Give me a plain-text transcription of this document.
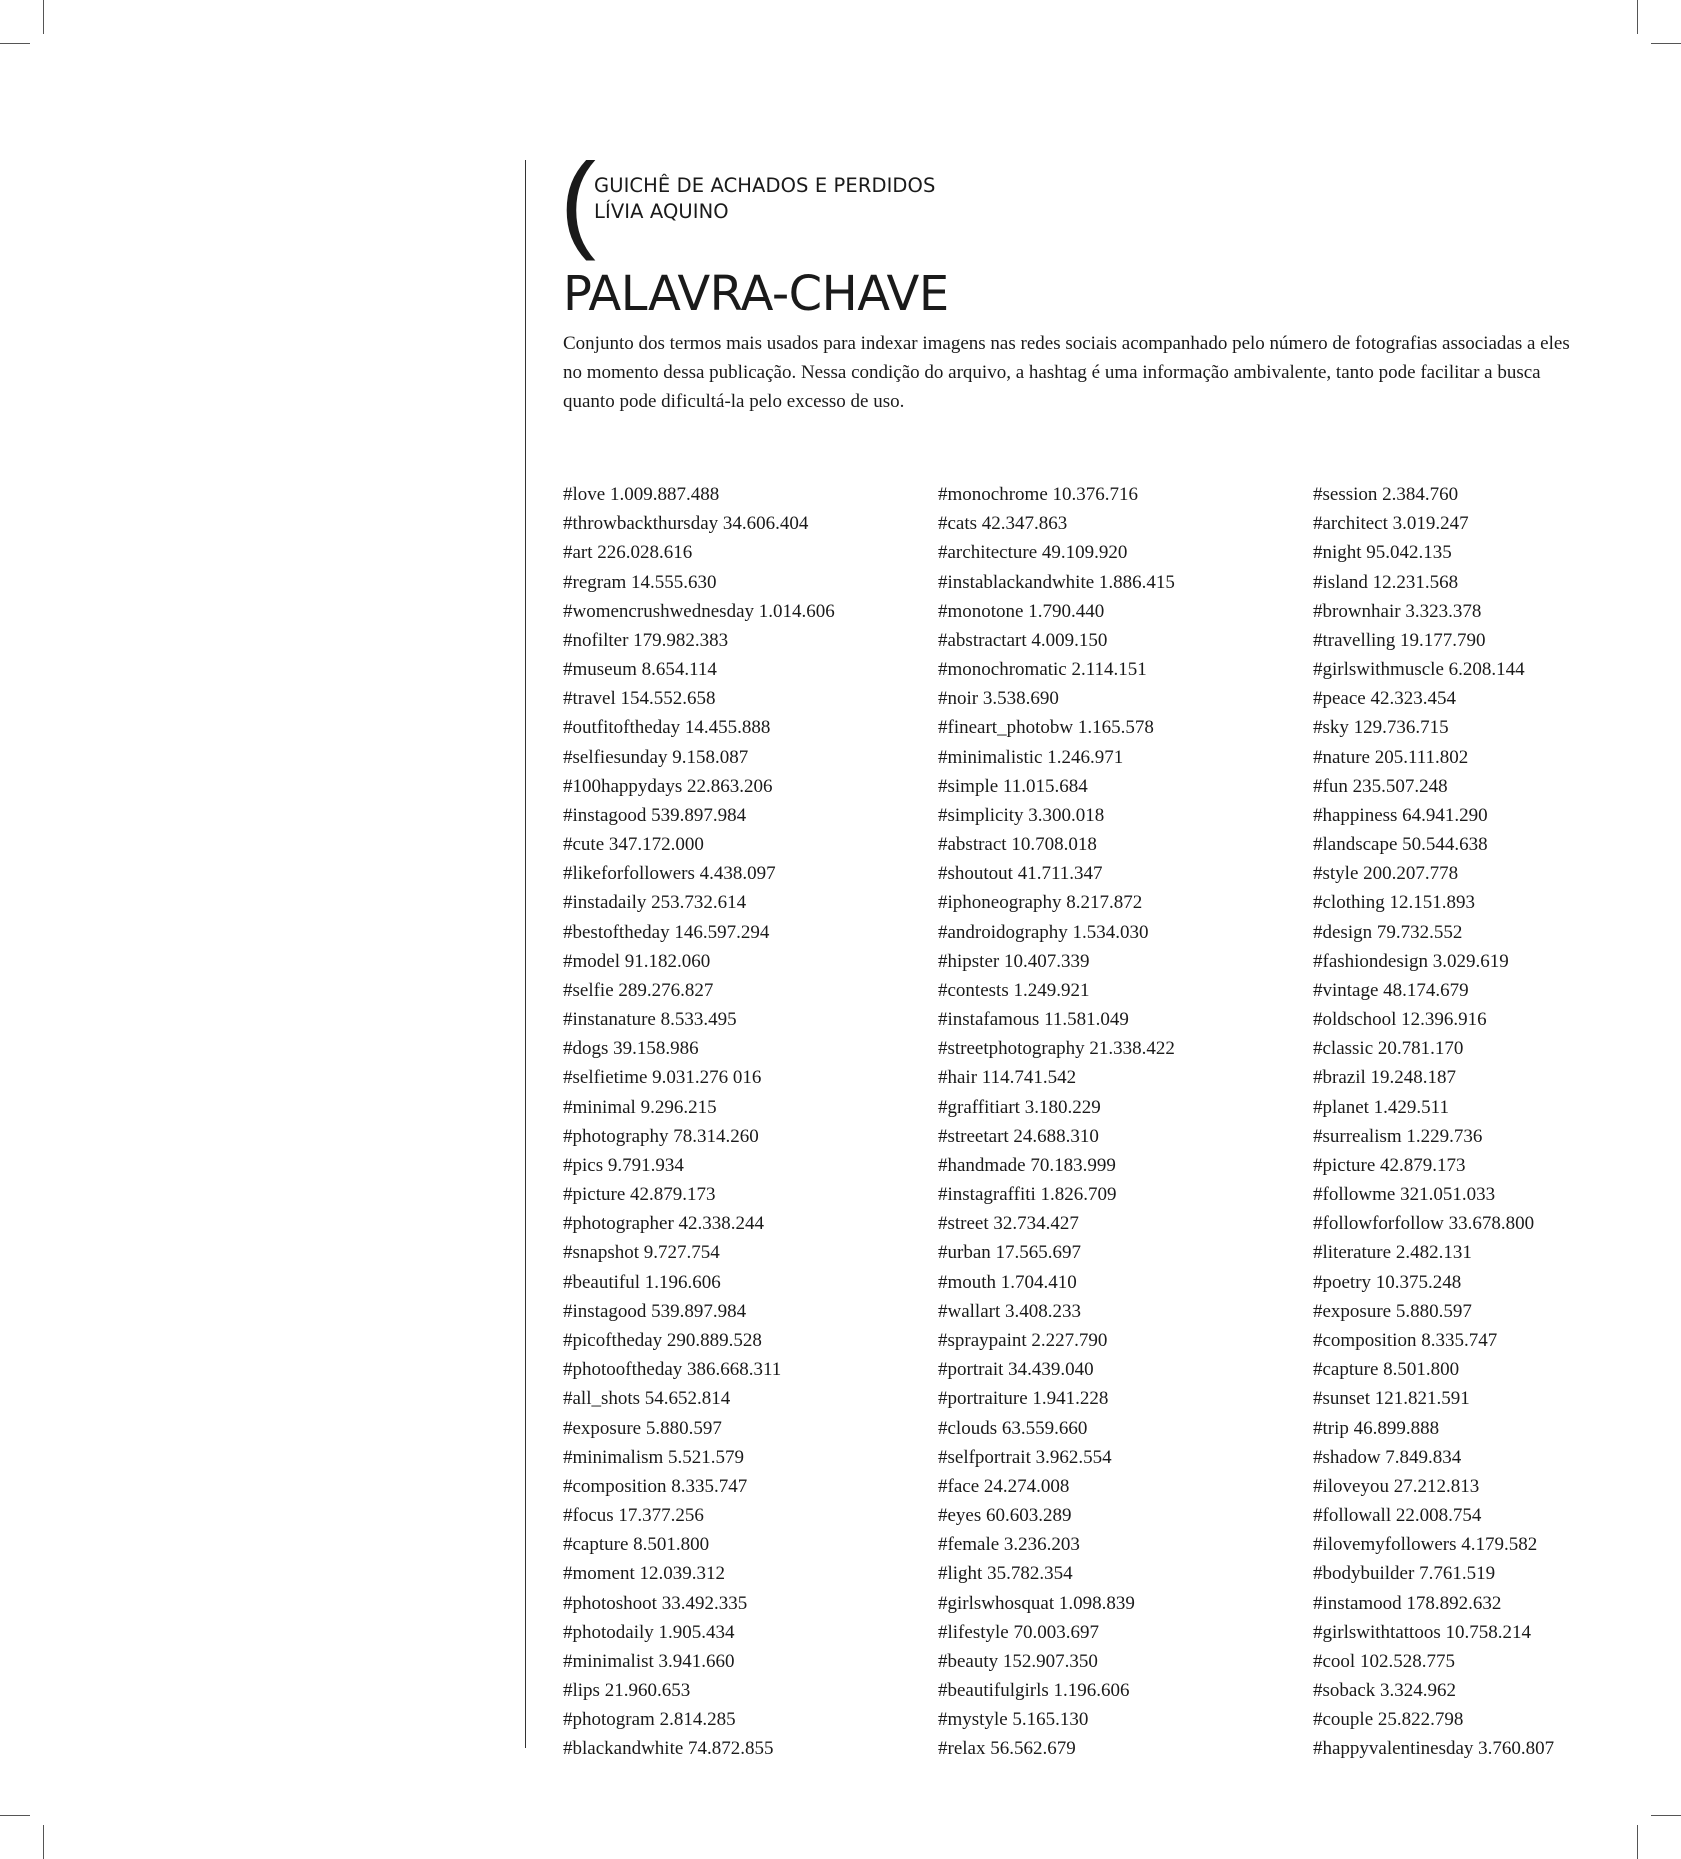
(
GUICHÊ DE ACHADOS E PERDIDOS
LÍVIA AQUINO
PALAVRA-CHAVE

Conjunto dos termos mais usados para indexar imagens nas redes sociais acompanhado pelo número de fotografias associadas a eles no momento dessa publicação. Nessa condição do arquivo, a hashtag é uma informação ambivalente, tanto pode facilitar a busca quanto pode dificultá-la pelo excesso de uso.

#love 1.009.887.488
#throwbackthursday 34.606.404
#art 226.028.616
#regram 14.555.630
#womencrushwednesday 1.014.606
#nofilter 179.982.383
#museum 8.654.114
#travel 154.552.658
#outfitoftheday 14.455.888
#selfiesunday 9.158.087
#100happydays 22.863.206
#instagood 539.897.984
#cute 347.172.000
#likeforfollowers 4.438.097
#instadaily 253.732.614
#bestoftheday 146.597.294
#model 91.182.060
#selfie 289.276.827
#instanature 8.533.495
#dogs 39.158.986
#selfietime 9.031.276 016
#minimal 9.296.215
#photography 78.314.260
#pics 9.791.934
#picture 42.879.173
#photographer 42.338.244
#snapshot 9.727.754
#beautiful 1.196.606
#instagood 539.897.984
#picoftheday 290.889.528
#photooftheday 386.668.311
#all_shots 54.652.814
#exposure 5.880.597
#minimalism 5.521.579
#composition 8.335.747
#focus 17.377.256
#capture 8.501.800
#moment 12.039.312
#photoshoot 33.492.335
#photodaily 1.905.434
#minimalist 3.941.660
#lips 21.960.653
#photogram 2.814.285
#blackandwhite 74.872.855
#monochrome 10.376.716
#cats 42.347.863
#architecture 49.109.920
#instablackandwhite 1.886.415
#monotone 1.790.440
#abstractart 4.009.150
#monochromatic 2.114.151
#noir 3.538.690
#fineart_photobw 1.165.578
#minimalistic 1.246.971
#simple 11.015.684
#simplicity 3.300.018
#abstract 10.708.018
#shoutout 41.711.347
#iphoneography 8.217.872
#androidography 1.534.030
#hipster 10.407.339
#contests 1.249.921
#instafamous 11.581.049
#streetphotography 21.338.422
#hair 114.741.542
#graffitiart 3.180.229
#streetart 24.688.310
#handmade 70.183.999
#instagraffiti 1.826.709
#street 32.734.427
#urban 17.565.697
#mouth 1.704.410
#wallart 3.408.233
#spraypaint 2.227.790
#portrait 34.439.040
#portraiture 1.941.228
#clouds 63.559.660
#selfportrait 3.962.554
#face 24.274.008
#eyes 60.603.289
#female 3.236.203
#light 35.782.354
#girlswhosquat 1.098.839
#lifestyle 70.003.697
#beauty 152.907.350
#beautifulgirls 1.196.606
#mystyle 5.165.130
#relax 56.562.679
#session 2.384.760
#architect 3.019.247
#night 95.042.135
#island 12.231.568
#brownhair 3.323.378
#travelling 19.177.790
#girlswithmuscle 6.208.144
#peace 42.323.454
#sky 129.736.715
#nature 205.111.802
#fun 235.507.248
#happiness 64.941.290
#landscape 50.544.638
#style 200.207.778
#clothing 12.151.893
#design 79.732.552
#fashiondesign 3.029.619
#vintage 48.174.679
#oldschool 12.396.916
#classic 20.781.170
#brazil 19.248.187
#planet 1.429.511
#surrealism 1.229.736
#picture 42.879.173
#followme 321.051.033
#followforfollow 33.678.800
#literature 2.482.131
#poetry 10.375.248
#exposure 5.880.597
#composition 8.335.747
#capture 8.501.800
#sunset 121.821.591
#trip 46.899.888
#shadow 7.849.834
#iloveyou 27.212.813
#followall 22.008.754
#ilovemyfollowers 4.179.582
#bodybuilder 7.761.519
#instamood 178.892.632
#girlswithtattoos 10.758.214
#cool 102.528.775
#soback 3.324.962
#couple 25.822.798
#happyvalentinesday 3.760.807
